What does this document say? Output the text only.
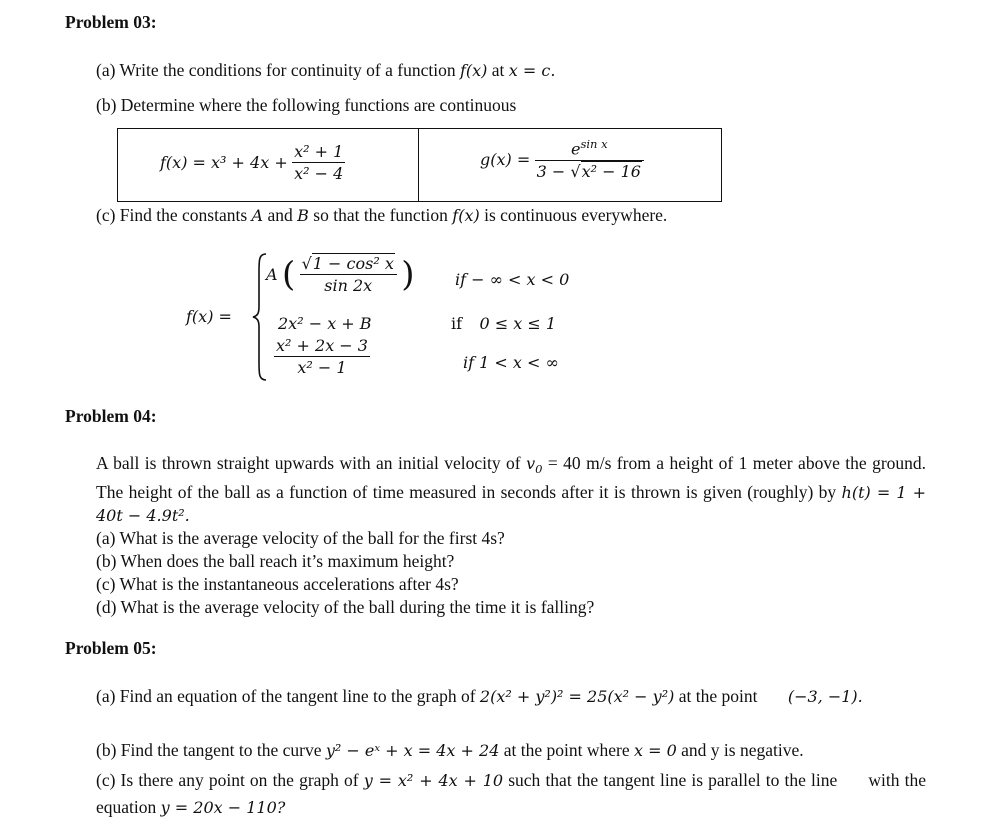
Problem 03:
(a) Write the conditions for continuity of a function f(x) at x = c.
(b) Determine where the following functions are continuous
$f(x) = x^3 + 4x + \frac{\text{x² + 1}}{\text{x² − 4}}$	$g(x) = \frac{e^{sin x}}{\text{3 − √x² − 16}}$
(c) Find the constants A and B so that the function f(x) is continuous everywhere.
f(x) =
A ( $\frac{\text{√1 − cos² x}}{\sin 2x}$ )	if − ∞ < x < 0
2x² − x + B	if 0 ≤ x ≤ 1
$\frac{\text{x² + 2x − 3}}{\text{x² − 1}}$	if 1 < x < ∞
Problem 04:
A ball is thrown straight upwards with an initial velocity of $v_0 = 40$ m/s from a height of 1 meter above the ground. The height of the ball as a function of time measured in seconds after it is thrown is given (roughly) by h(t) = 1 + 40t − 4.9t².
(a) What is the average velocity of the ball for the first 4s?
(b) When does the ball reach it’s maximum height?
(c) What is the instantaneous accelerations after 4s?
(d) What is the average velocity of the ball during the time it is falling?
Problem 05:
(a) Find an equation of the tangent line to the graph of 2(x² + y²)² = 25(x² − y²) at the point (−3, −1).
(b) Find the tangent to the curve y² − eˣ + x = 4x + 24 at the point where x = 0 and y is negative.
(c) Is there any point on the graph of y = x² + 4x + 10 such that the tangent line is parallel to the line with the equation y = 20x − 110?
